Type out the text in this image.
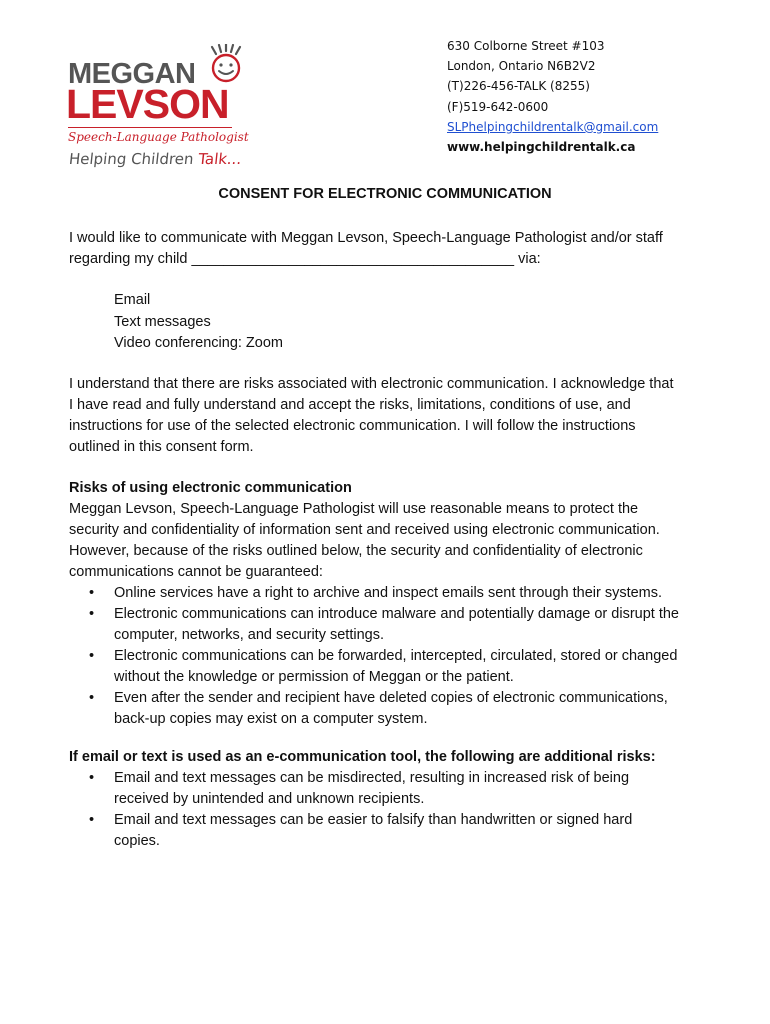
MEGGAN
LEVSON
Speech-Language Pathologist
Helping Children Talk...
630 Colborne Street #103
London, Ontario N6B2V2
(T)226-456-TALK (8255)
(F)519-642-0600
SLPhelpingchildrentalk@gmail.com
www.helpingchildrentalk.ca
CONSENT FOR ELECTRONIC COMMUNICATION

I would like to communicate with Meggan Levson, Speech-Language Pathologist and/or staff

regarding my child ________________________________________ via:

Email
Text messages
Video conferencing: Zoom

I understand that there are risks associated with electronic communication. I acknowledge that

I have read and fully understand and accept the risks, limitations, conditions of use, and

instructions for use of the selected electronic communication. I will follow the instructions

outlined in this consent form.

Risks of using electronic communication

Meggan Levson, Speech-Language Pathologist will use reasonable means to protect the

security and confidentiality of information sent and received using electronic communication.

However, because of the risks outlined below, the security and confidentiality of electronic

communications cannot be guaranteed:

• Online services have a right to archive and inspect emails sent through their systems.
• Electronic communications can introduce malware and potentially damage or disrupt the
computer, networks, and security settings.
• Electronic communications can be forwarded, intercepted, circulated, stored or changed
without the knowledge or permission of Meggan or the patient.
• Even after the sender and recipient have deleted copies of electronic communications,
back-up copies may exist on a computer system.

If email or text is used as an e-communication tool, the following are additional risks:

• Email and text messages can be misdirected, resulting in increased risk of being
received by unintended and unknown recipients.
• Email and text messages can be easier to falsify than handwritten or signed hard
copies.
